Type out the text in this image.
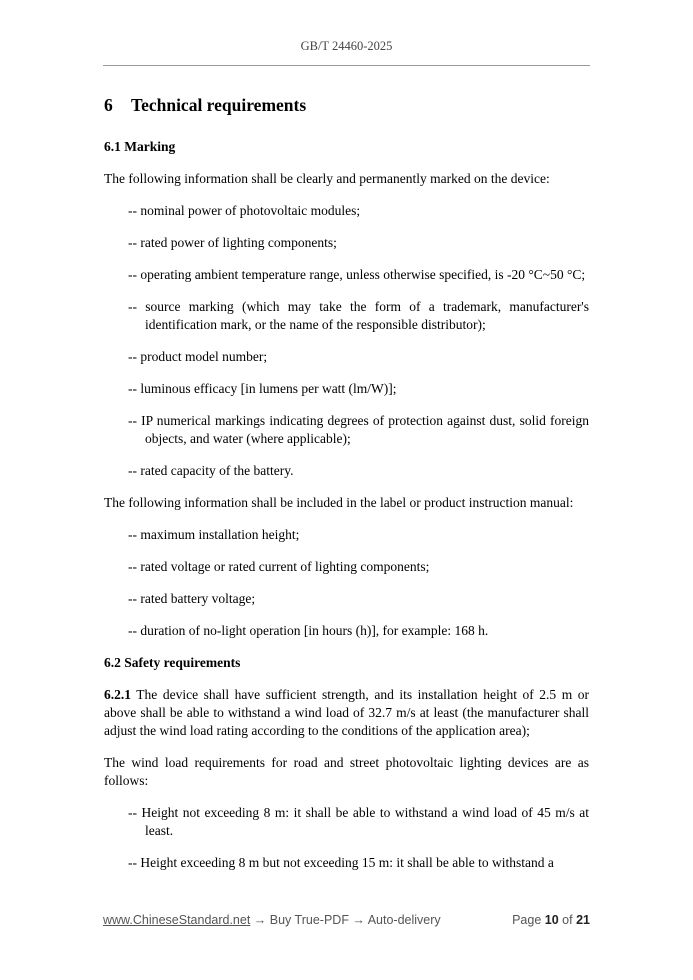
GB/T 24460-2025
6 Technical requirements
6.1 Marking
The following information shall be clearly and permanently marked on the device:
-- nominal power of photovoltaic modules;
-- rated power of lighting components;
-- operating ambient temperature range, unless otherwise specified, is -20 °C~50 °C;
-- source marking (which may take the form of a trademark, manufacturer's identification mark, or the name of the responsible distributor);
-- product model number;
-- luminous efficacy [in lumens per watt (lm/W)];
-- IP numerical markings indicating degrees of protection against dust, solid foreign objects, and water (where applicable);
-- rated capacity of the battery.
The following information shall be included in the label or product instruction manual:
-- maximum installation height;
-- rated voltage or rated current of lighting components;
-- rated battery voltage;
-- duration of no-light operation [in hours (h)], for example: 168 h.
6.2 Safety requirements
6.2.1 The device shall have sufficient strength, and its installation height of 2.5 m or above shall be able to withstand a wind load of 32.7 m/s at least (the manufacturer shall adjust the wind load rating according to the conditions of the application area);
The wind load requirements for road and street photovoltaic lighting devices are as follows:
-- Height not exceeding 8 m: it shall be able to withstand a wind load of 45 m/s at least.
-- Height exceeding 8 m but not exceeding 15 m: it shall be able to withstand a
www.ChineseStandard.net → Buy True-PDF → Auto-delivery	Page 10 of 21
